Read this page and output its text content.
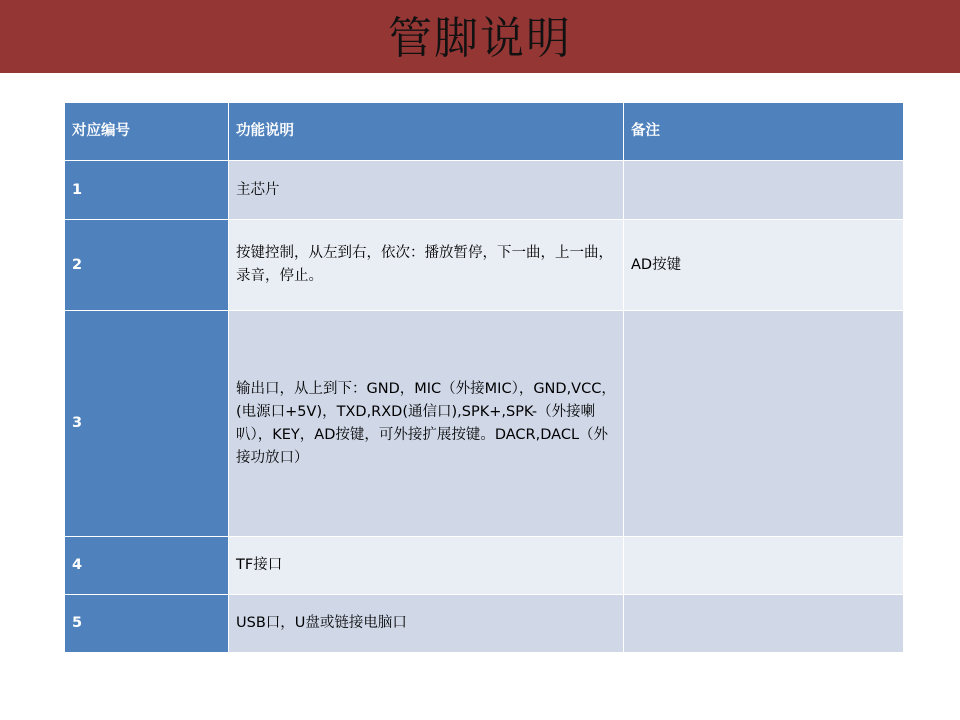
管脚说明
对应编号	功能说明	备注
1	主芯片	
2	按键控制，从左到右，依次：播放暂停，下一曲，上一曲，录音，停止。	AD按键
3	输出口，从上到下：GND，MIC（外接MIC），GND,VCC，(电源口+5V)，TXD,RXD(通信口),SPK+,SPK-（外接喇叭），KEY，AD按键，可外接扩展按键。DACR,DACL（外接功放口）	
4	TF接口	
5	USB口，U盘或链接电脑口	
